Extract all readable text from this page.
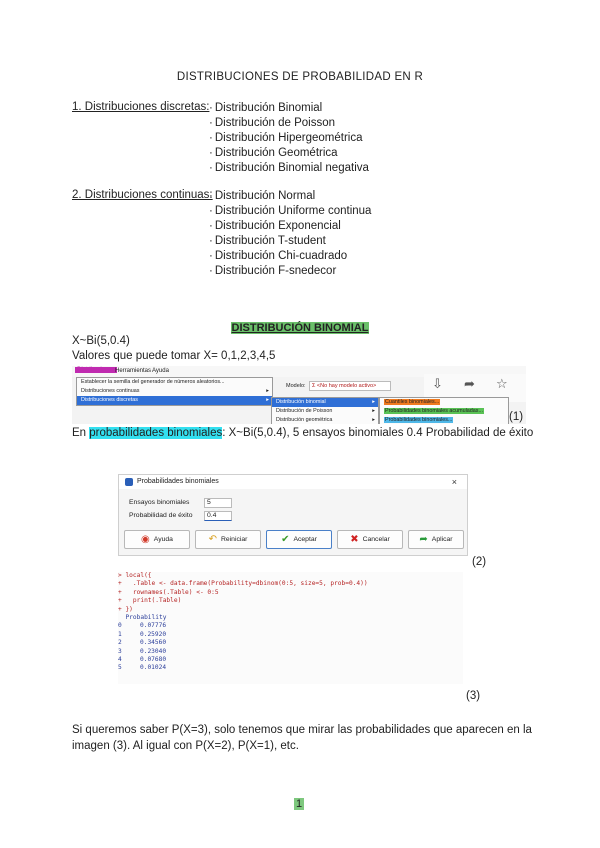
DISTRIBUCIONES DE PROBABILIDAD EN R
1. Distribuciones discretas: · Distribución Binomial
· Distribución de Poisson
· Distribución Hipergeométrica
· Distribución Geométrica
· Distribución Binomial negativa
2. Distribuciones continuas: · Distribución Normal
· Distribución Uniforme continua
· Distribución Exponencial
· Distribución T-student
· Distribución Chi-cuadrado
· Distribución F-snedecor
DISTRIBUCIÓN BINOMIAL
X~Bi(5,0.4)
Valores que puede tomar X= 0,1,2,3,4,5
Distribuciones Herramientas Ayuda
Modelo:	Σ <No hay modelo activo>	⇩ ➦ ☆
Establecer la semilla del generador de números aleatorios...
Distribuciones continuas	▸
Distribuciones discretas	▸	Distribución binomial	▸
Distribución de Poisson	▸
Distribución geométrica	▸
Cuantiles binomiales...
Probabilidades binomiales acumuladas...
Probabilidades binomiales...	(1)
En probabilidades binomiales: X~Bi(5,0.4), 5 ensayos binomiales 0.4 Probabilidad de éxito
Probabilidades binomiales	×
Ensayos binomiales	5
Probabilidad de éxito	0.4
◉ Ayuda	↶ Reiniciar	✔ Aceptar	✖ Cancelar	➦ Aplicar
(2)
> local({
+   .Table <- data.frame(Probability=dbinom(0:5, size=5, prob=0.4))
+   rownames(.Table) <- 0:5
+   print(.Table)
+ })
Probability
0	0.07776
1	0.25920
2	0.34560
3	0.23040
4	0.07680
5	0.01024
(3)
Si queremos saber P(X=3), solo tenemos que mirar las probabilidades que aparecen en la imagen (3). Al igual con P(X=2), P(X=1), etc.
1
